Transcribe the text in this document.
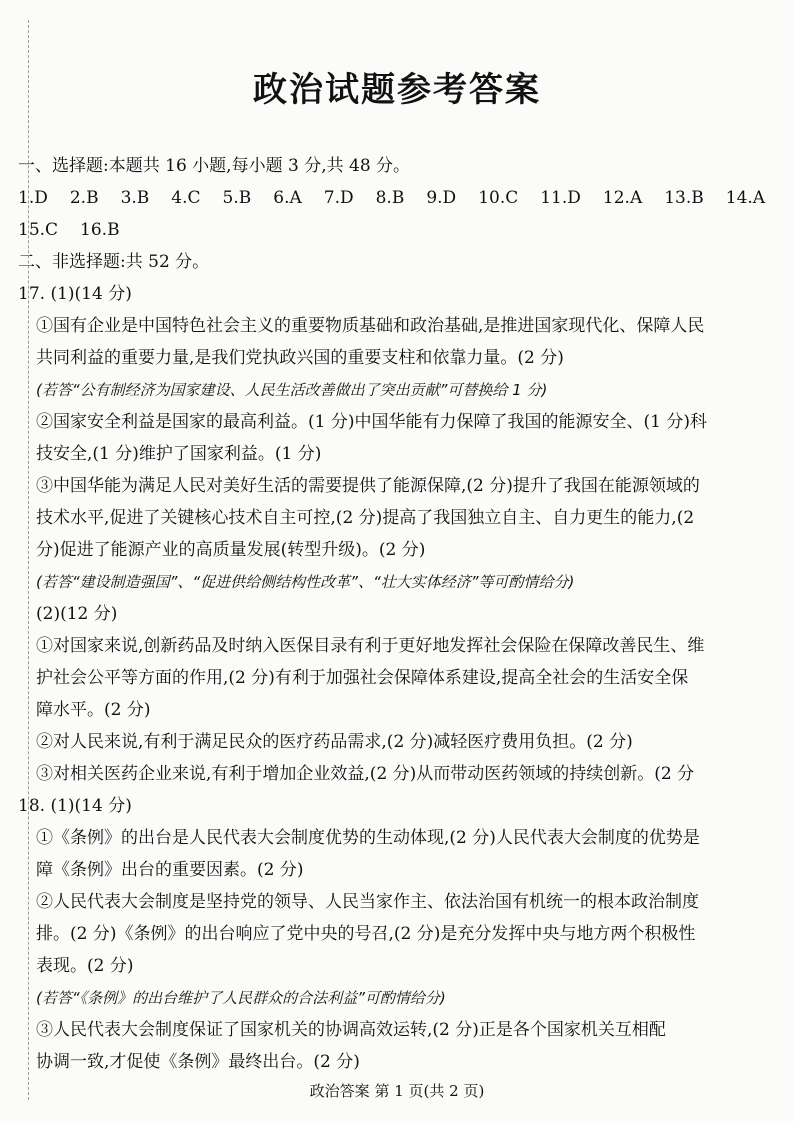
政治试题参考答案
一、选择题:本题共 16 小题,每小题 3 分,共 48 分。
1.D 2.B 3.B 4.C 5.B 6.A 7.D 8.B 9.D 10.C 11.D 12.A 13.B 14.A
15.C 16.B
二、非选择题:共 52 分。
17. (1)(14 分)
①国有企业是中国特色社会主义的重要物质基础和政治基础,是推进国家现代化、保障人民
共同利益的重要力量,是我们党执政兴国的重要支柱和依靠力量。(2 分)
(若答“公有制经济为国家建设、人民生活改善做出了突出贡献”可替换给 1 分)
②国家安全利益是国家的最高利益。(1 分)中国华能有力保障了我国的能源安全、(1 分)科
技安全,(1 分)维护了国家利益。(1 分)
③中国华能为满足人民对美好生活的需要提供了能源保障,(2 分)提升了我国在能源领域的
技术水平,促进了关键核心技术自主可控,(2 分)提高了我国独立自主、自力更生的能力,(2
分)促进了能源产业的高质量发展(转型升级)。(2 分)
(若答“建设制造强国”、“促进供给侧结构性改革”、“壮大实体经济”等可酌情给分)
(2)(12 分)
①对国家来说,创新药品及时纳入医保目录有利于更好地发挥社会保险在保障改善民生、维
护社会公平等方面的作用,(2 分)有利于加强社会保障体系建设,提高全社会的生活安全保
障水平。(2 分)
②对人民来说,有利于满足民众的医疗药品需求,(2 分)减轻医疗费用负担。(2 分)
③对相关医药企业来说,有利于增加企业效益,(2 分)从而带动医药领域的持续创新。(2 分
18. (1)(14 分)
①《条例》的出台是人民代表大会制度优势的生动体现,(2 分)人民代表大会制度的优势是
障《条例》出台的重要因素。(2 分)
②人民代表大会制度是坚持党的领导、人民当家作主、依法治国有机统一的根本政治制度
排。(2 分)《条例》的出台响应了党中央的号召,(2 分)是充分发挥中央与地方两个积极性
表现。(2 分)
(若答“《条例》的出台维护了人民群众的合法利益”可酌情给分)
③人民代表大会制度保证了国家机关的协调高效运转,(2 分)正是各个国家机关互相配
协调一致,才促使《条例》最终出台。(2 分)
政治答案 第 1 页(共 2 页)
